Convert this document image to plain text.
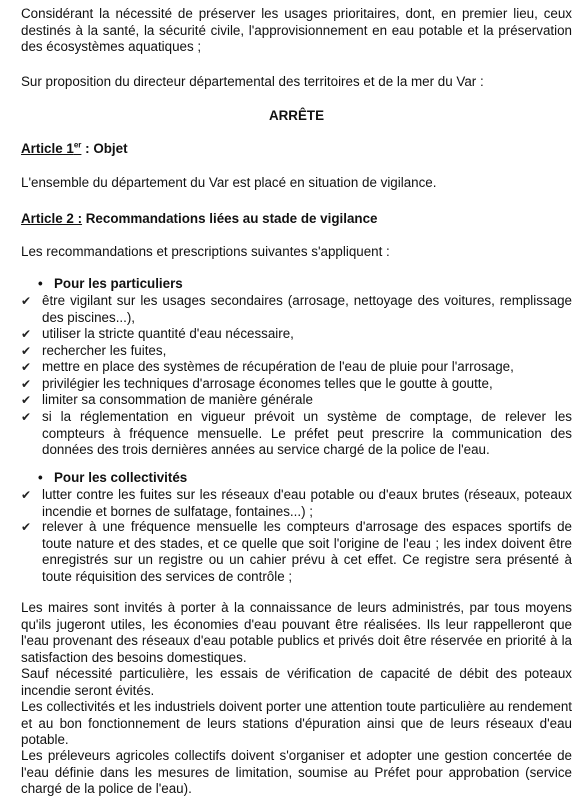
Considérant la nécessité de préserver les usages prioritaires, dont, en premier lieu, ceux destinés à la santé, la sécurité civile, l'approvisionnement en eau potable et la préservation des écosystèmes aquatiques ;

Sur proposition du directeur départemental des territoires et de la mer du Var :

ARRÊTE

Article 1er : Objet

L'ensemble du département du Var est placé en situation de vigilance.

Article 2 : Recommandations liées au stade de vigilance

Les recommandations et prescriptions suivantes s'appliquent :

• Pour les particuliers

✔ être vigilant sur les usages secondaires (arrosage, nettoyage des voitures, remplissage des piscines...),
✔ utiliser la stricte quantité d'eau nécessaire,
✔ rechercher les fuites,
✔ mettre en place des systèmes de récupération de l'eau de pluie pour l'arrosage,
✔ privilégier les techniques d'arrosage économes telles que le goutte à goutte,
✔ limiter sa consommation de manière générale
✔ si la réglementation en vigueur prévoit un système de comptage, de relever les compteurs à fréquence mensuelle. Le préfet peut prescrire la communication des données des trois dernières années au service chargé de la police de l'eau.

• Pour les collectivités

✔ lutter contre les fuites sur les réseaux d'eau potable ou d'eaux brutes (réseaux, poteaux incendie et bornes de sulfatage, fontaines...) ;
✔ relever à une fréquence mensuelle les compteurs d'arrosage des espaces sportifs de toute nature et des stades, et ce quelle que soit l'origine de l'eau ; les index doivent être enregistrés sur un registre ou un cahier prévu à cet effet. Ce registre sera présenté à toute réquisition des services de contrôle ;

Les maires sont invités à porter à la connaissance de leurs administrés, par tous moyens qu'ils jugeront utiles, les économies d'eau pouvant être réalisées. Ils leur rappelleront que l'eau provenant des réseaux d'eau potable publics et privés doit être réservée en priorité à la satisfaction des besoins domestiques.

Sauf nécessité particulière, les essais de vérification de capacité de débit des poteaux incendie seront évités.

Les collectivités et les industriels doivent porter une attention toute particulière au rendement et au bon fonctionnement de leurs stations d'épuration ainsi que de leurs réseaux d'eau potable.

Les préleveurs agricoles collectifs doivent s'organiser et adopter une gestion concertée de l'eau définie dans les mesures de limitation, soumise au Préfet pour approbation (service chargé de la police de l'eau).
